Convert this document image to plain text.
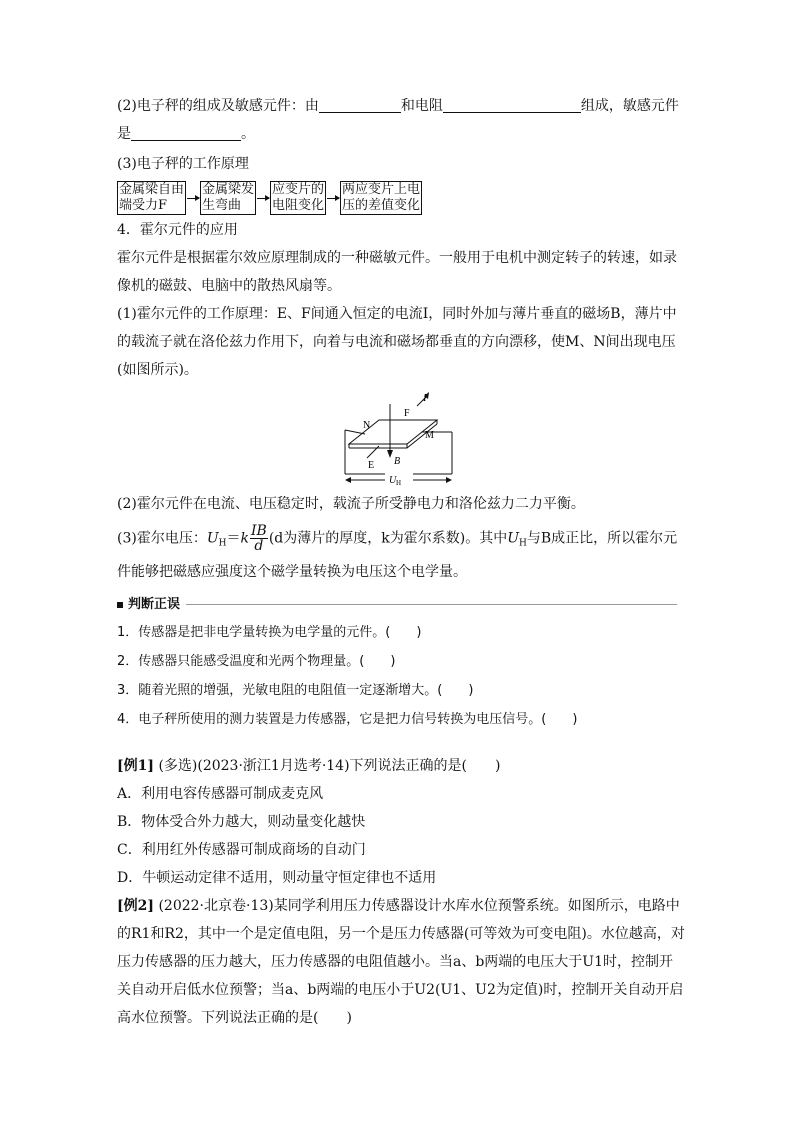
(2)电子秤的组成及敏感元件：由	和电阻	组成，敏感元件
是	。
(3)电子秤的工作原理
金属梁自由
端受力F
金属梁发
生弯曲
应变片的
电阻变化
两应变片上电
压的差值变化
4．霍尔元件的应用
霍尔元件是根据霍尔效应原理制成的一种磁敏元件。一般用于电机中测定转子的转速，如录
像机的磁鼓、电脑中的散热风扇等。
(1)霍尔元件的工作原理：E、F间通入恒定的电流I，同时外加与薄片垂直的磁场B，薄片中
的载流子就在洛伦兹力作用下，向着与电流和磁场都垂直的方向漂移，使M、N间出现电压
(如图所示)。
I
F
N
M
E B
U H
(2)霍尔元件在电流、电压稳定时，载流子所受静电力和洛伦兹力二力平衡。
(3)霍尔电压：$U_H=k \frac{IB}{d} (d$为薄片的厚度，k为霍尔系数)。其中$U_H$与B成正比，所以霍尔元
件能够把磁感应强度这个磁学量转换为电压这个电学量。
判断正误
1．传感器是把非电学量转换为电学量的元件。(　　)
2．传感器只能感受温度和光两个物理量。(　　)
3．随着光照的增强，光敏电阻的电阻值一定逐渐增大。(　　)
4．电子秤所使用的测力装置是力传感器，它是把力信号转换为电压信号。(　　)
[例1] (多选)(2023·浙江1月选考·14)下列说法正确的是(　　)
A．利用电容传感器可制成麦克风
B．物体受合外力越大，则动量变化越快
C．利用红外传感器可制成商场的自动门
D．牛顿运动定律不适用，则动量守恒定律也不适用
[例2] (2022·北京卷·13)某同学利用压力传感器设计水库水位预警系统。如图所示，电路中
的R1和R2，其中一个是定值电阻，另一个是压力传感器(可等效为可变电阻)。水位越高，对
压力传感器的压力越大，压力传感器的电阻值越小。当a、b两端的电压大于U1时，控制开
关自动开启低水位预警；当a、b两端的电压小于U2(U1、U2为定值)时，控制开关自动开启
高水位预警。下列说法正确的是(　　)
